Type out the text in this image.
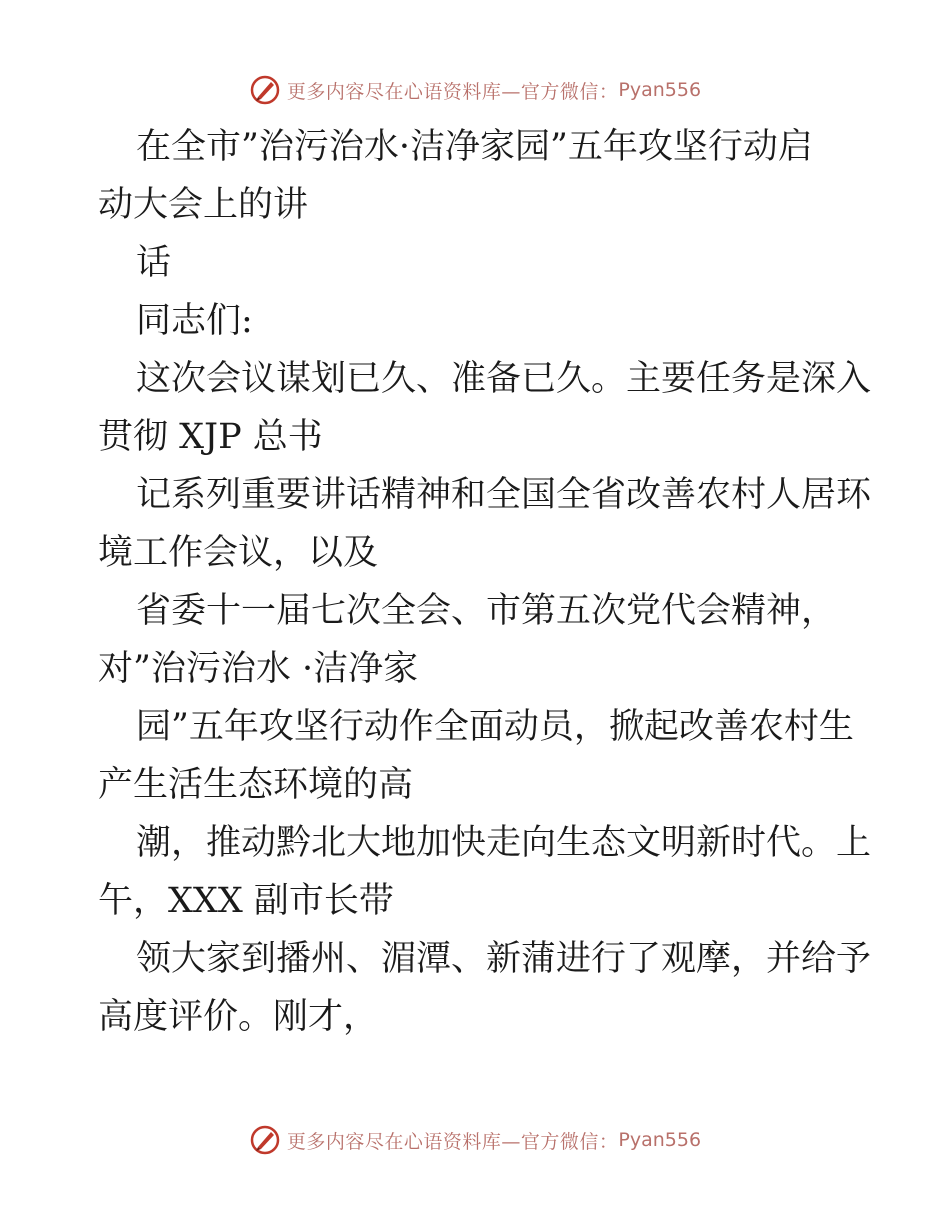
更多内容尽在心语资料库—官方微信： Pyan556
在全市”治污治水·洁净家园”五年攻坚行动启
动大会上的讲
话
同志们:
这次会议谋划已久、准备已久。主要任务是深入
贯彻 XJP 总书
记系列重要讲话精神和全国全省改善农村人居环
境工作会议，以及
省委十一届七次全会、市第五次党代会精神，
对”治污治水 ·洁净家
园”五年攻坚行动作全面动员，掀起改善农村生
产生活生态环境的高
潮，推动黔北大地加快走向生态文明新时代。上
午，XXX 副市长带
领大家到播州、湄潭、新蒲进行了观摩，并给予
高度评价。刚才，
更多内容尽在心语资料库—官方微信： Pyan556
